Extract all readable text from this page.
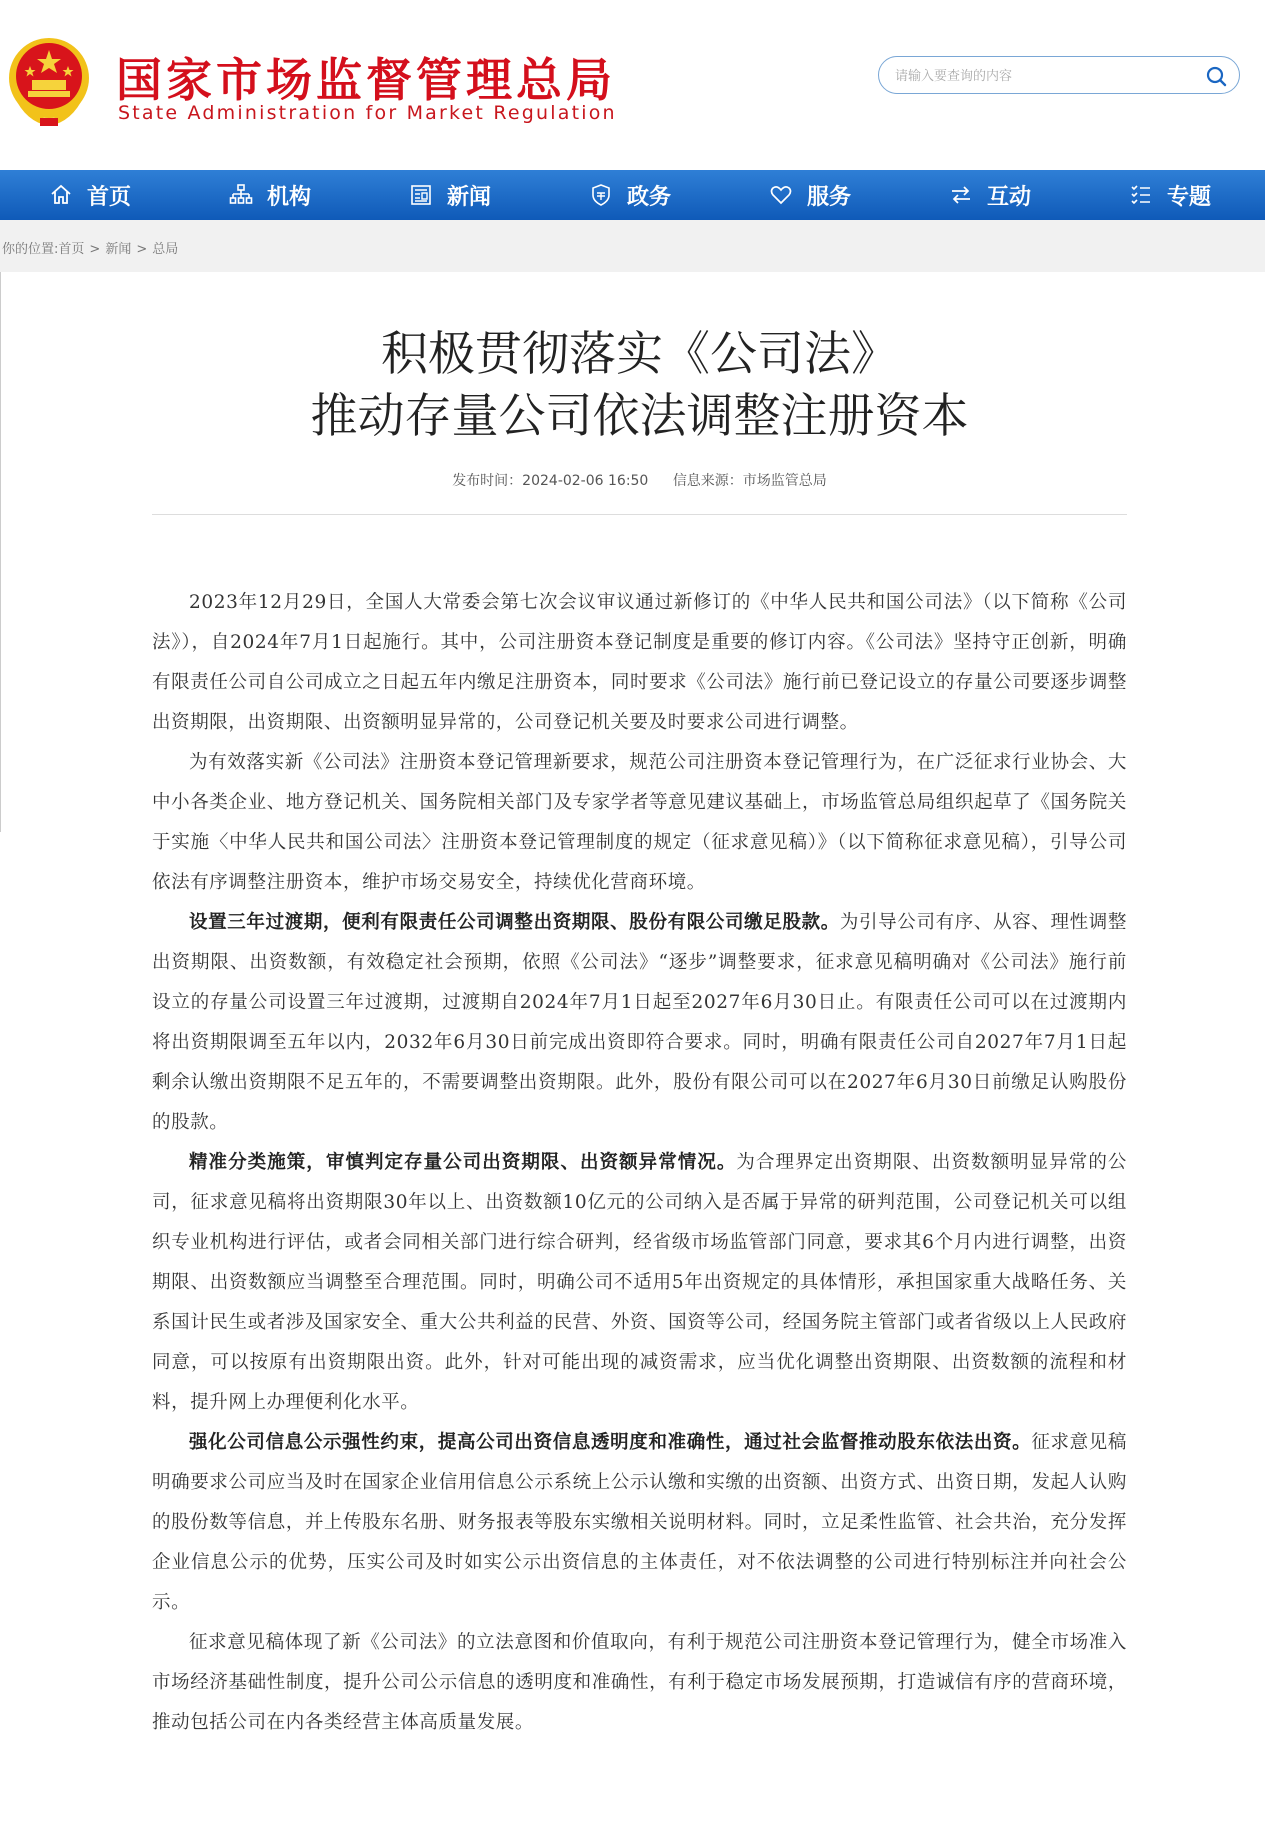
国家市场监督管理总局
State Administration for Market Regulation
请输入要查询的内容
首页	机构	新闻	政务	服务	互动	专题
你的位置:首页 > 新闻 > 总局
积极贯彻落实《公司法》
推动存量公司依法调整注册资本
发布时间：2024-02-06 16:50 信息来源：市场监管总局

2023年12月29日，全国人大常委会第七次会议审议通过新修订的《中华人民共和国公司法》（以下简称《公司法》），自2024年7月1日起施行。其中，公司注册资本登记制度是重要的修订内容。《公司法》坚持守正创新，明确有限责任公司自公司成立之日起五年内缴足注册资本，同时要求《公司法》施行前已登记设立的存量公司要逐步调整出资期限，出资期限、出资额明显异常的，公司登记机关要及时要求公司进行调整。

为有效落实新《公司法》注册资本登记管理新要求，规范公司注册资本登记管理行为，在广泛征求行业协会、大中小各类企业、地方登记机关、国务院相关部门及专家学者等意见建议基础上，市场监管总局组织起草了《国务院关于实施〈中华人民共和国公司法〉注册资本登记管理制度的规定（征求意见稿）》（以下简称征求意见稿），引导公司依法有序调整注册资本，维护市场交易安全，持续优化营商环境。

设置三年过渡期，便利有限责任公司调整出资期限、股份有限公司缴足股款。为引导公司有序、从容、理性调整出资期限、出资数额，有效稳定社会预期，依照《公司法》“逐步”调整要求，征求意见稿明确对《公司法》施行前设立的存量公司设置三年过渡期，过渡期自2024年7月1日起至2027年6月30日止。有限责任公司可以在过渡期内将出资期限调至五年以内，2032年6月30日前完成出资即符合要求。同时，明确有限责任公司自2027年7月1日起剩余认缴出资期限不足五年的，不需要调整出资期限。此外，股份有限公司可以在2027年6月30日前缴足认购股份的股款。

精准分类施策，审慎判定存量公司出资期限、出资额异常情况。为合理界定出资期限、出资数额明显异常的公司，征求意见稿将出资期限30年以上、出资数额10亿元的公司纳入是否属于异常的研判范围，公司登记机关可以组织专业机构进行评估，或者会同相关部门进行综合研判，经省级市场监管部门同意，要求其6个月内进行调整，出资期限、出资数额应当调整至合理范围。同时，明确公司不适用5年出资规定的具体情形，承担国家重大战略任务、关系国计民生或者涉及国家安全、重大公共利益的民营、外资、国资等公司，经国务院主管部门或者省级以上人民政府同意，可以按原有出资期限出资。此外，针对可能出现的减资需求，应当优化调整出资期限、出资数额的流程和材料，提升网上办理便利化水平。

强化公司信息公示强性约束，提高公司出资信息透明度和准确性，通过社会监督推动股东依法出资。征求意见稿明确要求公司应当及时在国家企业信用信息公示系统上公示认缴和实缴的出资额、出资方式、出资日期，发起人认购的股份数等信息，并上传股东名册、财务报表等股东实缴相关说明材料。同时，立足柔性监管、社会共治，充分发挥企业信息公示的优势，压实公司及时如实公示出资信息的主体责任，对不依法调整的公司进行特别标注并向社会公示。

征求意见稿体现了新《公司法》的立法意图和价值取向，有利于规范公司注册资本登记管理行为，健全市场准入市场经济基础性制度，提升公司公示信息的透明度和准确性，有利于稳定市场发展预期，打造诚信有序的营商环境，推动包括公司在内各类经营主体高质量发展。
